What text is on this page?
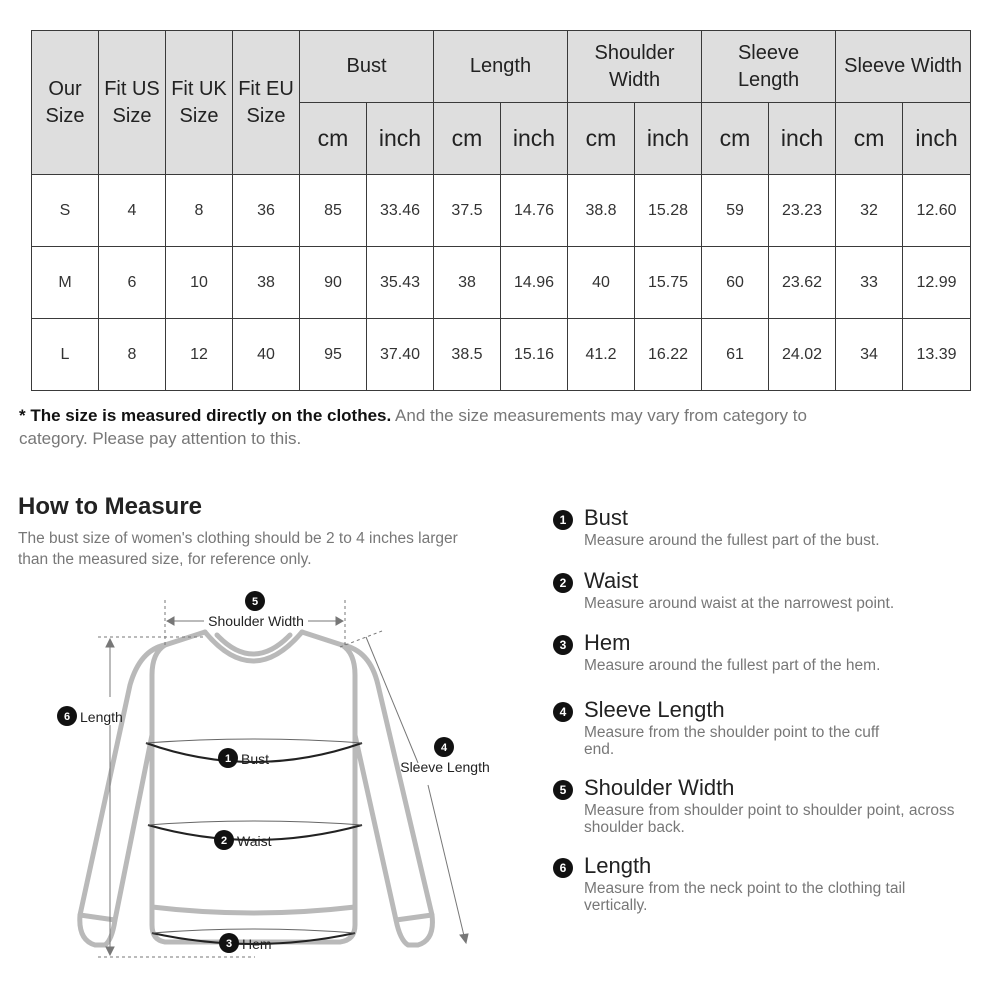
Our Size	Fit US Size	Fit UK Size	Fit EU Size	Bust		Length		Shoulder Width		Sleeve Length		Sleeve Width	
				cm	inch	cm	inch	cm	inch	cm	inch	cm	inch
S	4	8	36	85	33.46	37.5	14.76	38.8	15.28	59	23.23	32	12.60
M	6	10	38	90	35.43	38	14.96	40	15.75	60	23.62	33	12.99
L	8	12	40	95	37.40	38.5	15.16	41.2	16.22	61	24.02	34	13.39

* The size is measured directly on the clothes. And the size measurements may vary from category to category. Please pay attention to this.

How to Measure

The bust size of women's clothing should be 2 to 4 inches larger than the measured size, for reference only.

5
Shoulder Width
6 Length
1 Bust
2 Waist
3 Hem
4
Sleeve Length
1 Bust
Measure around the fullest part of the bust.
2 Waist
Measure around waist at the narrowest point.
3 Hem
Measure around the fullest part of the hem.
4 Sleeve Length
Measure from the shoulder point to the cuff end.
5 Shoulder Width
Measure from shoulder point to shoulder point, across shoulder back.
6 Length
Measure from the neck point to the clothing tail vertically.
